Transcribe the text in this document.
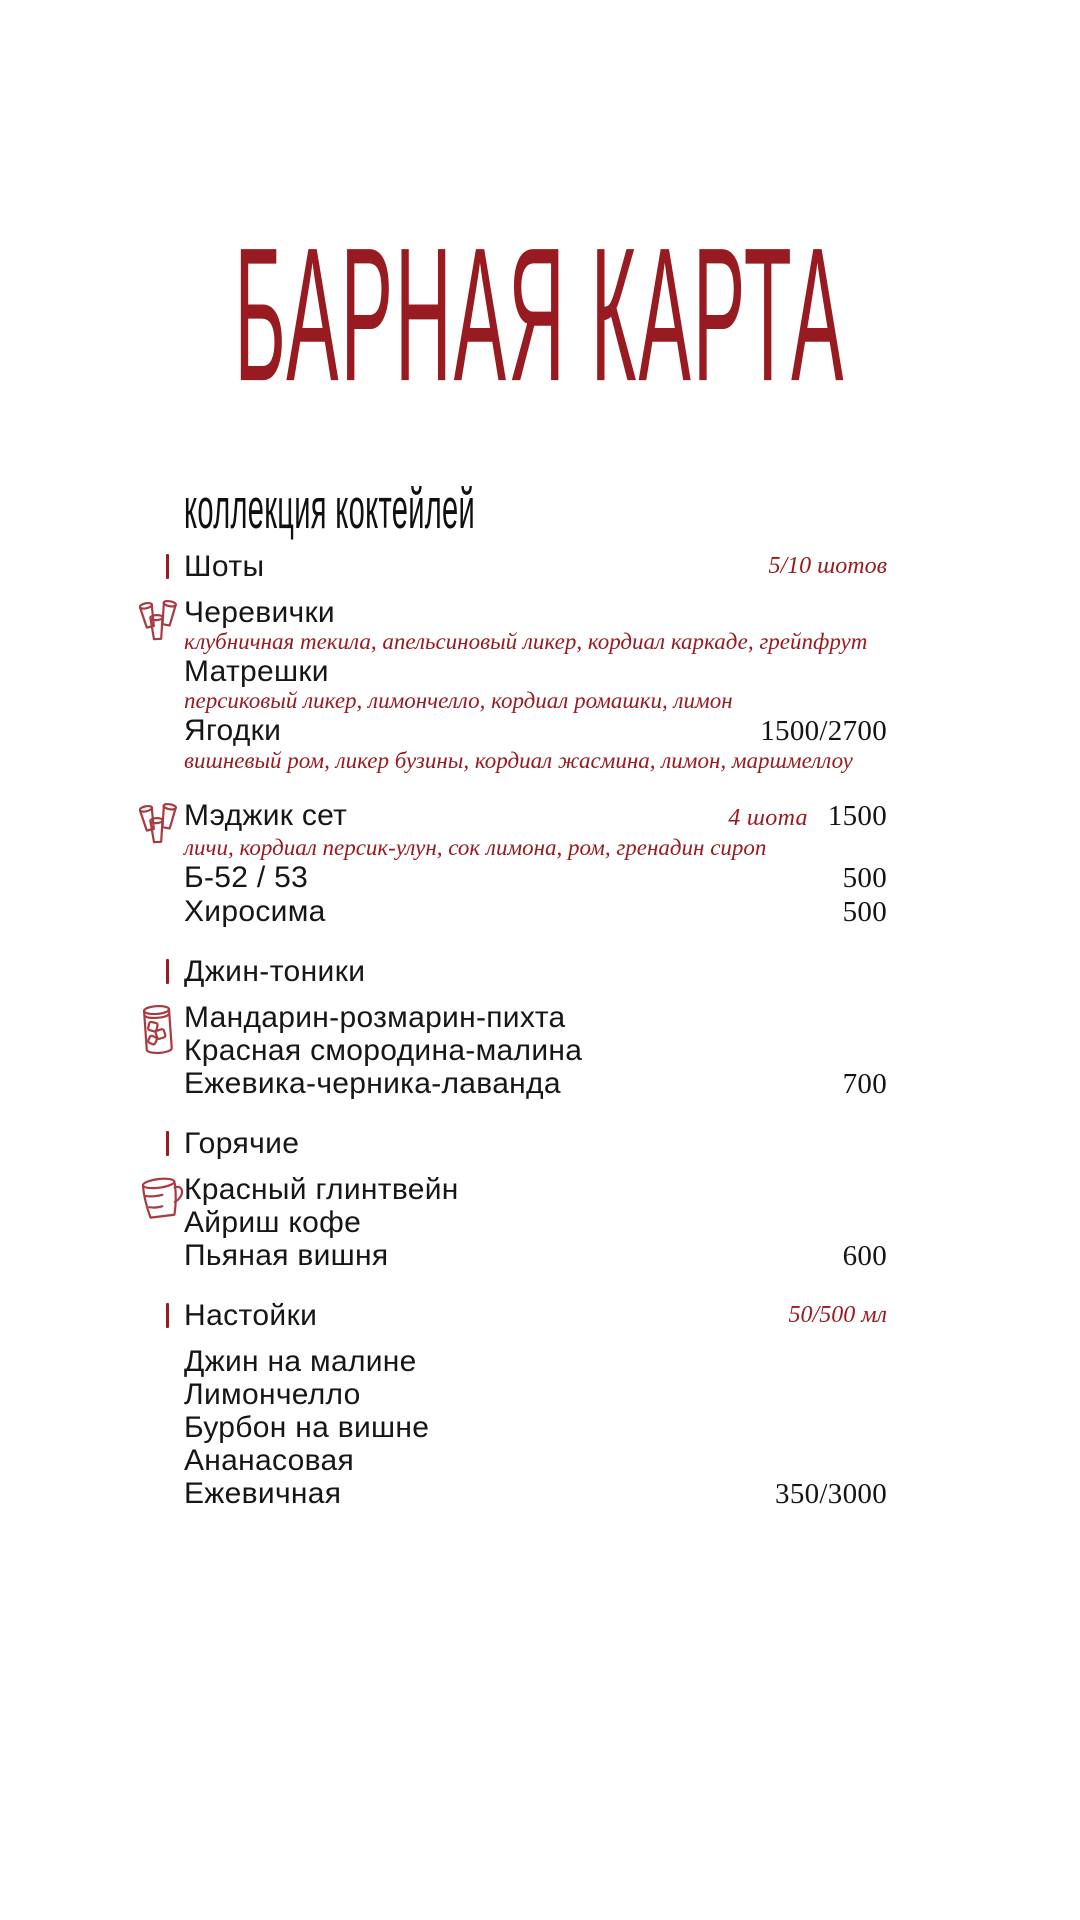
БАРНАЯ КАРТА
коллекция коктейлей
Шоты	5/10 шотов
Черевички
клубничная текила, апельсиновый ликер, кордиал каркаде, грейпфрут
Матрешки
персиковый ликер, лимончелло, кордиал ромашки, лимон
Ягодки	1500/2700
вишневый ром, ликер бузины, кордиал жасмина, лимон, маршмеллоу
Мэджик сет	4 шота 1500
личи, кордиал персик-улун, сок лимона, ром, гренадин сироп
Б-52 / 53	500
Хиросима	500
Джин-тоники
Мандарин-розмарин-пихта
Красная смородина-малина
Ежевика-черника-лаванда	700
Горячие
Красный глинтвейн
Айриш кофе
Пьяная вишня	600
Настойки	50/500 мл
Джин на малине
Лимончелло
Бурбон на вишне
Ананасовая
Ежевичная	350/3000
